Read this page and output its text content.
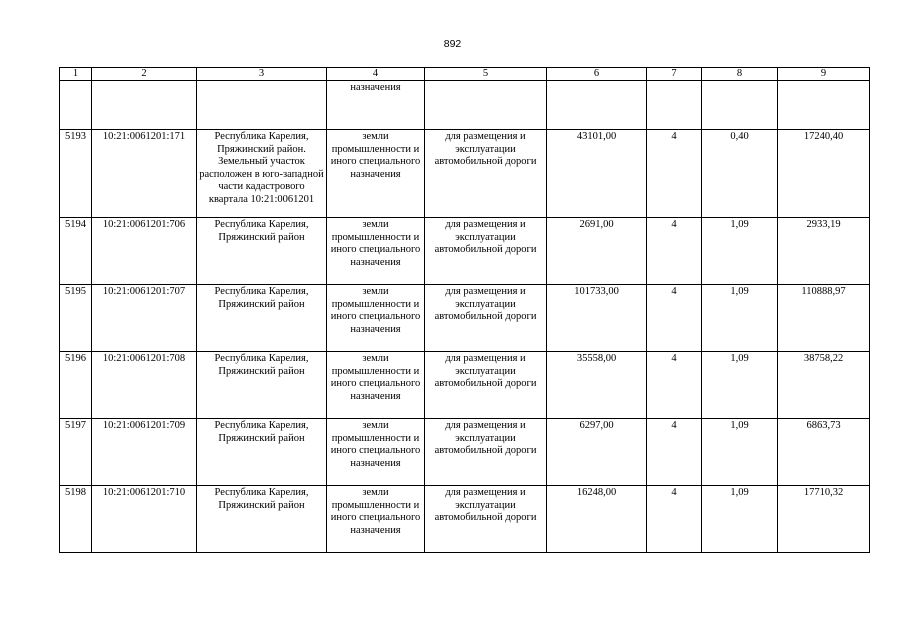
892
1	2	3	4	5	6	7	8	9
			назначения					
5193	10:21:0061201:171	Республика Карелия, Пряжинский район. Земельный участок расположен в юго-западной части кадастрового квартала 10:21:0061201	земли промышленности и иного специального назначения	для размещения и эксплуатации автомобильной дороги	43101,00	4	0,40	17240,40
5194	10:21:0061201:706	Республика Карелия, Пряжинский район	земли промышленности и иного специального назначения	для размещения и эксплуатации автомобильной дороги	2691,00	4	1,09	2933,19
5195	10:21:0061201:707	Республика Карелия, Пряжинский район	земли промышленности и иного специального назначения	для размещения и эксплуатации автомобильной дороги	101733,00	4	1,09	110888,97
5196	10:21:0061201:708	Республика Карелия, Пряжинский район	земли промышленности и иного специального назначения	для размещения и эксплуатации автомобильной дороги	35558,00	4	1,09	38758,22
5197	10:21:0061201:709	Республика Карелия, Пряжинский район	земли промышленности и иного специального назначения	для размещения и эксплуатации автомобильной дороги	6297,00	4	1,09	6863,73
5198	10:21:0061201:710	Республика Карелия, Пряжинский район	земли промышленности и иного специального назначения	для размещения и эксплуатации автомобильной дороги	16248,00	4	1,09	17710,32
